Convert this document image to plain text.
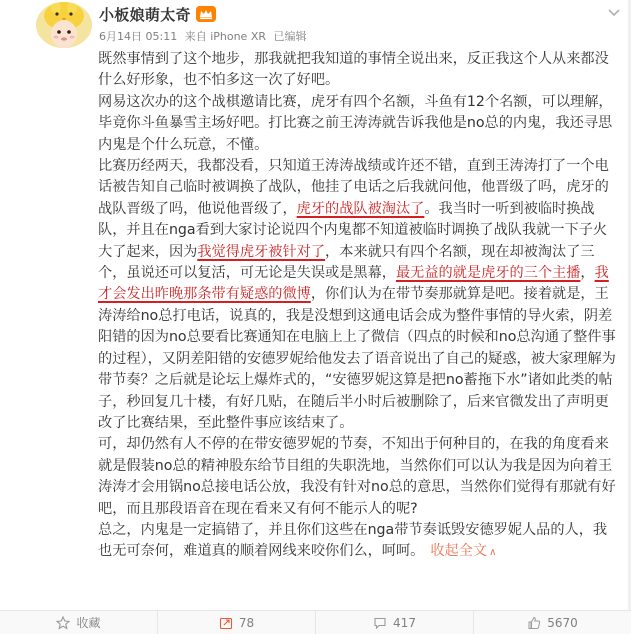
小板娘萌太奇
6月14日 05:11 来自 iPhone XR 已编辑

既然事情到了这个地步，那我就把我知道的事情全说出来，反正我这个人从来都没什么好形象，也不怕多这一次了好吧。

网易这次办的这个战棋邀请比赛，虎牙有四个名额，斗鱼有12个名额，可以理解，毕竟你斗鱼暴雪主场好吧。打比赛之前王涛涛就告诉我他是no总的内鬼，我还寻思内鬼是个什么玩意，不懂。

比赛历经两天，我都没看，只知道王涛涛战绩或许还不错，直到王涛涛打了一个电话被告知自己临时被调换了战队，他挂了电话之后我就问他，他晋级了吗，虎牙的战队晋级了吗，他说他晋级了，虎牙的战队被淘汰了。我当时一听到被临时换战队，并且在nga看到大家讨论说四个内鬼都不知道被临时调换了战队我就一下子火大了起来，因为我觉得虎牙被针对了，本来就只有四个名额，现在却被淘汰了三个，虽说还可以复活，可无论是失误或是黑幕，最无益的就是虎牙的三个主播，我才会发出昨晚那条带有疑惑的微博，你们认为在带节奏那就算是吧。接着就是，王涛涛给no总打电话，说真的，我是没想到这通电话会成为整件事情的导火索，阴差阳错的因为no总要看比赛通知在电脑上上了微信（四点的时候和no总沟通了整件事的过程），又阴差阳错的安德罗妮给他发去了语音说出了自己的疑惑，被大家理解为带节奏？之后就是论坛上爆炸式的，“安德罗妮这算是把no蓄拖下水”诸如此类的帖子，秒回复几十楼，有好几贴，在随后半小时后被删除了，后来官微发出了声明更改了比赛结果，至此整件事应该结束了。

可，却仍然有人不停的在带安德罗妮的节奏，不知出于何种目的，在我的角度看来就是假装no总的精神股东给节目组的失职洗地，当然你们可以认为我是因为向着王涛涛才会用锅no总接电话公放，我没有针对no总的意思，当然你们觉得有那就有好吧，而且那段语音在现在看来又有何不能示人的呢?

总之，内鬼是一定搞错了，并且你们这些在nga带节奏诋毁安德罗妮人品的人，我也无可奈何，难道真的顺着网线来咬你们么，呵呵。 收起全文 ∧

收藏	78	417	5670
